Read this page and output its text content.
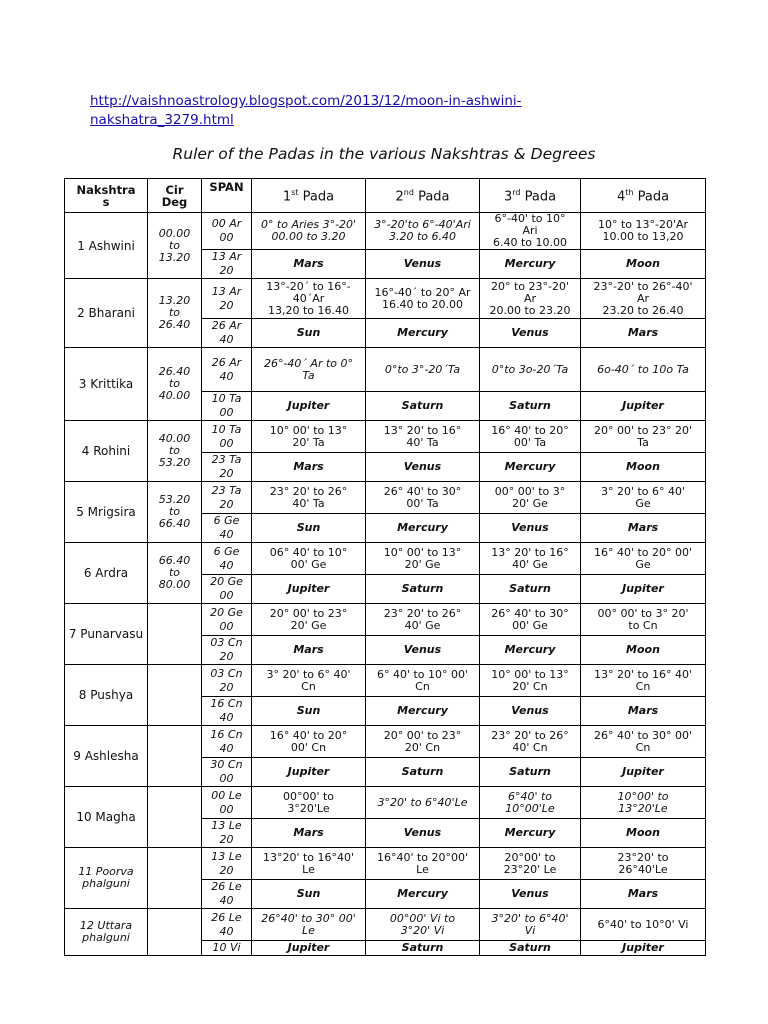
http://vaishnoastrology.blogspot.com/2013/12/moon-in-ashwini-
nakshatra_3279.html
Ruler of the Padas in the various Nakshtras & Degrees
Nakshtra
s	Cir
Deg	SPAN	1st Pada	2nd Pada	3rd Pada	4th Pada
1 Ashwini	00.00
to
13.20	00 Ar
00	0° to Aries 3°-20'
00.00 to 3.20	3°-20'to 6°-40'Ari
3.20 to 6.40	6°-40' to 10°
Ari
6.40 to 10.00	10° to 13°-20'Ar
10.00 to 13,20
		13 Ar
20	Mars	Venus	Mercury	Moon
2 Bharani	13.20
to
26.40	13 Ar
20	13°-20´ to 16°-
40´Ar
13,20 to 16.40	16°-40´ to 20° Ar
16.40 to 20.00	20° to 23°-20'
Ar
20.00 to 23.20	23°-20' to 26°-40'
Ar
23.20 to 26.40
		26 Ar
40	Sun	Mercury	Venus	Mars
3 Krittika	26.40
to
40.00	26 Ar
40	26°-40´ Ar to 0°
Ta	0°to 3°-20´Ta	0°to 3o-20´Ta	6o-40´ to 10o Ta
		10 Ta
00	Jupiter	Saturn	Saturn	Jupiter
4 Rohini	40.00
to
53.20	10 Ta
00	10° 00' to 13°
20' Ta	13° 20' to 16°
40' Ta	16° 40' to 20°
00' Ta	20° 00' to 23° 20'
Ta
		23 Ta
20	Mars	Venus	Mercury	Moon
5 Mrigsira	53.20
to
66.40	23 Ta
20	23° 20' to 26°
40' Ta	26° 40' to 30°
00' Ta	00° 00' to 3°
20' Ge	3° 20' to 6° 40'
Ge
		6 Ge
40	Sun	Mercury	Venus	Mars
6 Ardra	66.40
to
80.00	6 Ge
40	06° 40' to 10°
00' Ge	10° 00' to 13°
20' Ge	13° 20' to 16°
40' Ge	16° 40' to 20° 00'
Ge
		20 Ge
00	Jupiter	Saturn	Saturn	Jupiter
7 Punarvasu		20 Ge
00	20° 00' to 23°
20' Ge	23° 20' to 26°
40' Ge	26° 40' to 30°
00' Ge	00° 00' to 3° 20'
to Cn
		03 Cn
20	Mars	Venus	Mercury	Moon
8 Pushya		03 Cn
20	3° 20' to 6° 40'
Cn	6° 40' to 10° 00'
Cn	10° 00' to 13°
20' Cn	13° 20' to 16° 40'
Cn
		16 Cn
40	Sun	Mercury	Venus	Mars
9 Ashlesha		16 Cn
40	16° 40' to 20°
00' Cn	20° 00' to 23°
20' Cn	23° 20' to 26°
40' Cn	26° 40' to 30° 00'
Cn
		30 Cn
00	Jupiter	Saturn	Saturn	Jupiter
10 Magha		00 Le
00	00°00' to
3°20'Le	3°20' to 6°40'Le	6°40' to
10°00'Le	10°00' to
13°20'Le
		13 Le
20	Mars	Venus	Mercury	Moon
11 Poorva phalguni		13 Le
20	13°20' to 16°40'
Le	16°40' to 20°00'
Le	20°00' to
23°20' Le	23°20' to
26°40'Le
		26 Le
40	Sun	Mercury	Venus	Mars
12 Uttara phalguni		26 Le
40	26°40' to 30° 00'
Le	00°00' Vi to
3°20' Vi	3°20' to 6°40'
Vi	6°40' to 10°0' Vi
		10 Vi	Jupiter	Saturn	Saturn	Jupiter
